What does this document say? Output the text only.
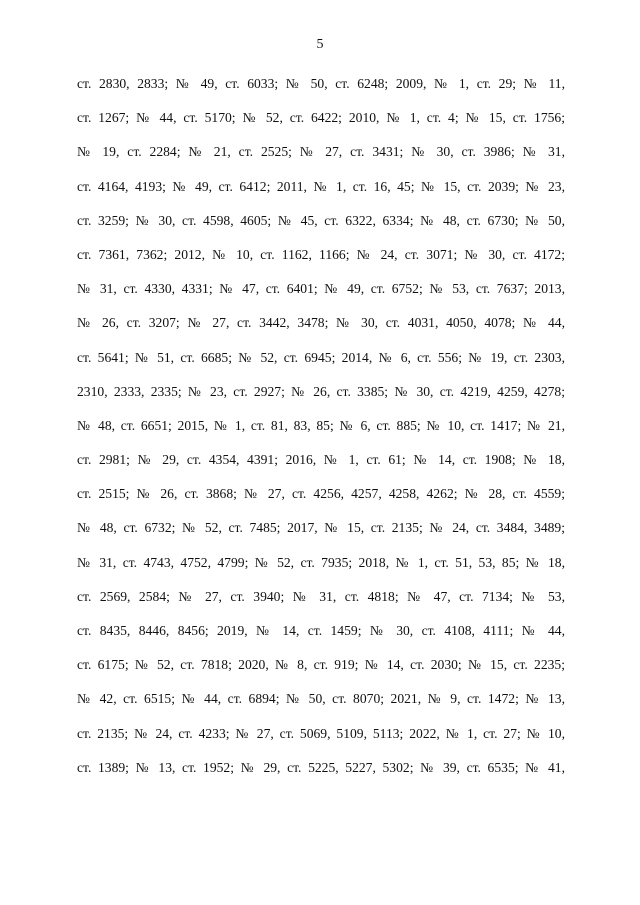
5
ст. 2830, 2833; № 49, ст. 6033; № 50, ст. 6248; 2009, № 1, ст. 29; № 11,
ст. 1267; № 44, ст. 5170; № 52, ст. 6422; 2010, № 1, ст. 4; № 15, ст. 1756;
№ 19, ст. 2284; № 21, ст. 2525; № 27, ст. 3431; № 30, ст. 3986; № 31,
ст. 4164, 4193; № 49, ст. 6412; 2011, № 1, ст. 16, 45; № 15, ст. 2039; № 23,
ст. 3259; № 30, ст. 4598, 4605; № 45, ст. 6322, 6334; № 48, ст. 6730; № 50,
ст. 7361, 7362; 2012, № 10, ст. 1162, 1166; № 24, ст. 3071; № 30, ст. 4172;
№ 31, ст. 4330, 4331; № 47, ст. 6401; № 49, ст. 6752; № 53, ст. 7637; 2013,
№ 26, ст. 3207; № 27, ст. 3442, 3478; № 30, ст. 4031, 4050, 4078; № 44,
ст. 5641; № 51, ст. 6685; № 52, ст. 6945; 2014, № 6, ст. 556; № 19, ст. 2303,
2310, 2333, 2335; № 23, ст. 2927; № 26, ст. 3385; № 30, ст. 4219, 4259, 4278;
№ 48, ст. 6651; 2015, № 1, ст. 81, 83, 85; № 6, ст. 885; № 10, ст. 1417; № 21,
ст. 2981; № 29, ст. 4354, 4391; 2016, № 1, ст. 61; № 14, ст. 1908; № 18,
ст. 2515; № 26, ст. 3868; № 27, ст. 4256, 4257, 4258, 4262; № 28, ст. 4559;
№ 48, ст. 6732; № 52, ст. 7485; 2017, № 15, ст. 2135; № 24, ст. 3484, 3489;
№ 31, ст. 4743, 4752, 4799; № 52, ст. 7935; 2018, № 1, ст. 51, 53, 85; № 18,
ст. 2569, 2584; № 27, ст. 3940; № 31, ст. 4818; № 47, ст. 7134; № 53,
ст. 8435, 8446, 8456; 2019, № 14, ст. 1459; № 30, ст. 4108, 4111; № 44,
ст. 6175; № 52, ст. 7818; 2020, № 8, ст. 919; № 14, ст. 2030; № 15, ст. 2235;
№ 42, ст. 6515; № 44, ст. 6894; № 50, ст. 8070; 2021, № 9, ст. 1472; № 13,
ст. 2135; № 24, ст. 4233; № 27, ст. 5069, 5109, 5113; 2022, № 1, ст. 27; № 10,
ст. 1389; № 13, ст. 1952; № 29, ст. 5225, 5227, 5302; № 39, ст. 6535; № 41,
